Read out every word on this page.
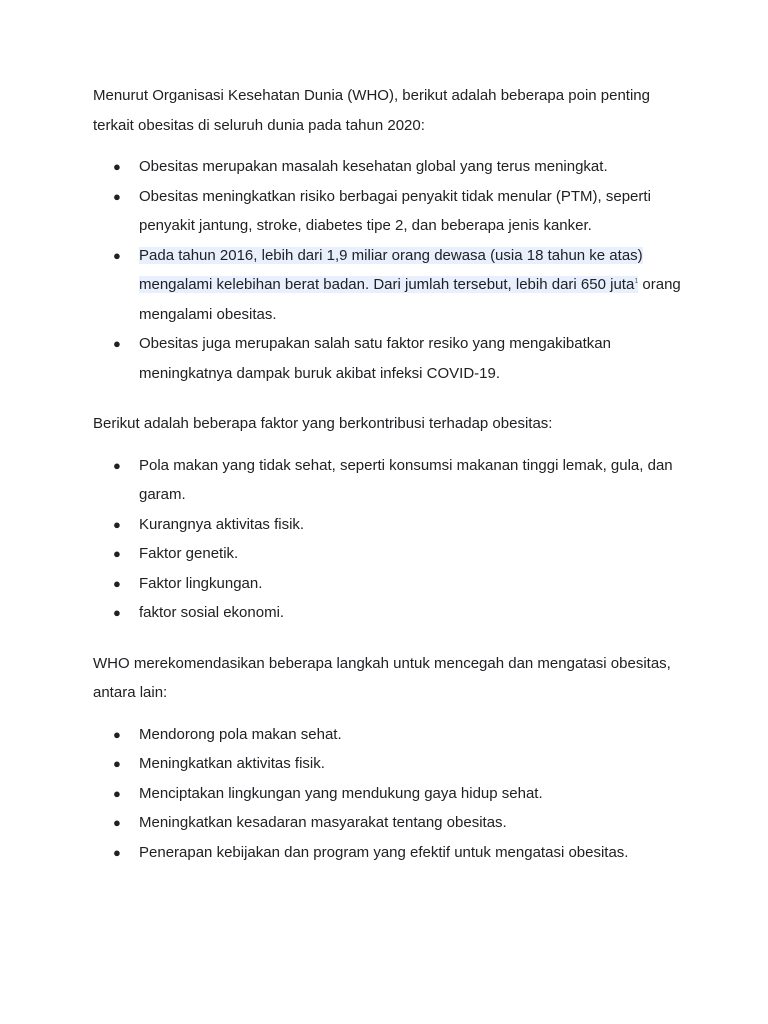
Menurut Organisasi Kesehatan Dunia (WHO), berikut adalah beberapa poin penting terkait obesitas di seluruh dunia pada tahun 2020:

● Obesitas merupakan masalah kesehatan global yang terus meningkat.
● Obesitas meningkatkan risiko berbagai penyakit tidak menular (PTM), seperti penyakit jantung, stroke, diabetes tipe 2, dan beberapa jenis kanker.
● Pada tahun 2016, lebih dari 1,9 miliar orang dewasa (usia 18 tahun ke atas) mengalami kelebihan berat badan. Dari jumlah tersebut, lebih dari 650 juta$^1$ orang mengalami obesitas.
● Obesitas juga merupakan salah satu faktor resiko yang mengakibatkan meningkatnya dampak buruk akibat infeksi COVID-19.

Berikut adalah beberapa faktor yang berkontribusi terhadap obesitas:

● Pola makan yang tidak sehat, seperti konsumsi makanan tinggi lemak, gula, dan garam.
● Kurangnya aktivitas fisik.
● Faktor genetik.
● Faktor lingkungan.
● faktor sosial ekonomi.

WHO merekomendasikan beberapa langkah untuk mencegah dan mengatasi obesitas, antara lain:

● Mendorong pola makan sehat.
● Meningkatkan aktivitas fisik.
● Menciptakan lingkungan yang mendukung gaya hidup sehat.
● Meningkatkan kesadaran masyarakat tentang obesitas.
● Penerapan kebijakan dan program yang efektif untuk mengatasi obesitas.
